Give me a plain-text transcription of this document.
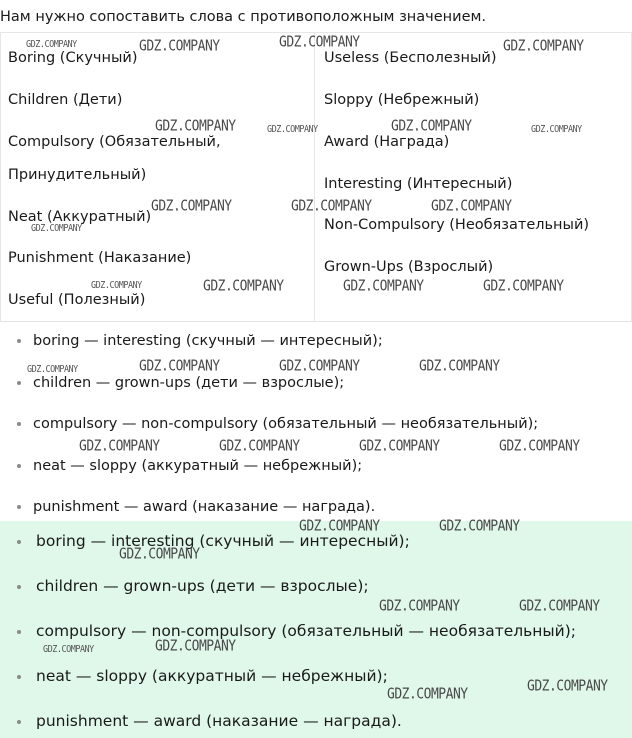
Нам нужно сопоставить слова с противоположным значением.
Boring (Скучный)
Children (Дети)
Compulsory (Обязательный,
Принудительный)
Neat (Аккуратный)
Punishment (Наказание)
Useful (Полезный)
Useless (Бесполезный)
Sloppy (Небрежный)
Award (Награда)
Interesting (Интересный)
Non-Compulsory (Необязательный)
Grown-Ups (Взрослый)
boring — interesting (скучный — интересный);
children — grown-ups (дети — взрослые);
compulsory — non-compulsory (обязательный — необязательный);
neat — sloppy (аккуратный — небрежный);
punishment — award (наказание — награда).
boring — interesting (скучный — интересный);
children — grown-ups (дети — взрослые);
compulsory — non-compulsory (обязательный — необязательный);
neat — sloppy (аккуратный — небрежный);
punishment — award (наказание — награда).
GDZ.COMPANY	GDZ.COMPANY	GDZ.COMPANY	GDZ.COMPANY
GDZ.COMPANY	GDZ.COMPANY	GDZ.COMPANY	GDZ.COMPANY
GDZ.COMPANY	GDZ.COMPANY	GDZ.COMPANY
GDZ.COMPANY
GDZ.COMPANY	GDZ.COMPANY	GDZ.COMPANY	GDZ.COMPANY
GDZ.COMPANY	GDZ.COMPANY	GDZ.COMPANY	GDZ.COMPANY
GDZ.COMPANY	GDZ.COMPANY	GDZ.COMPANY	GDZ.COMPANY
GDZ.COMPANY	GDZ.COMPANY
GDZ.COMPANY
GDZ.COMPANY	GDZ.COMPANY
GDZ.COMPANY	GDZ.COMPANY
GDZ.COMPANY
GDZ.COMPANY
